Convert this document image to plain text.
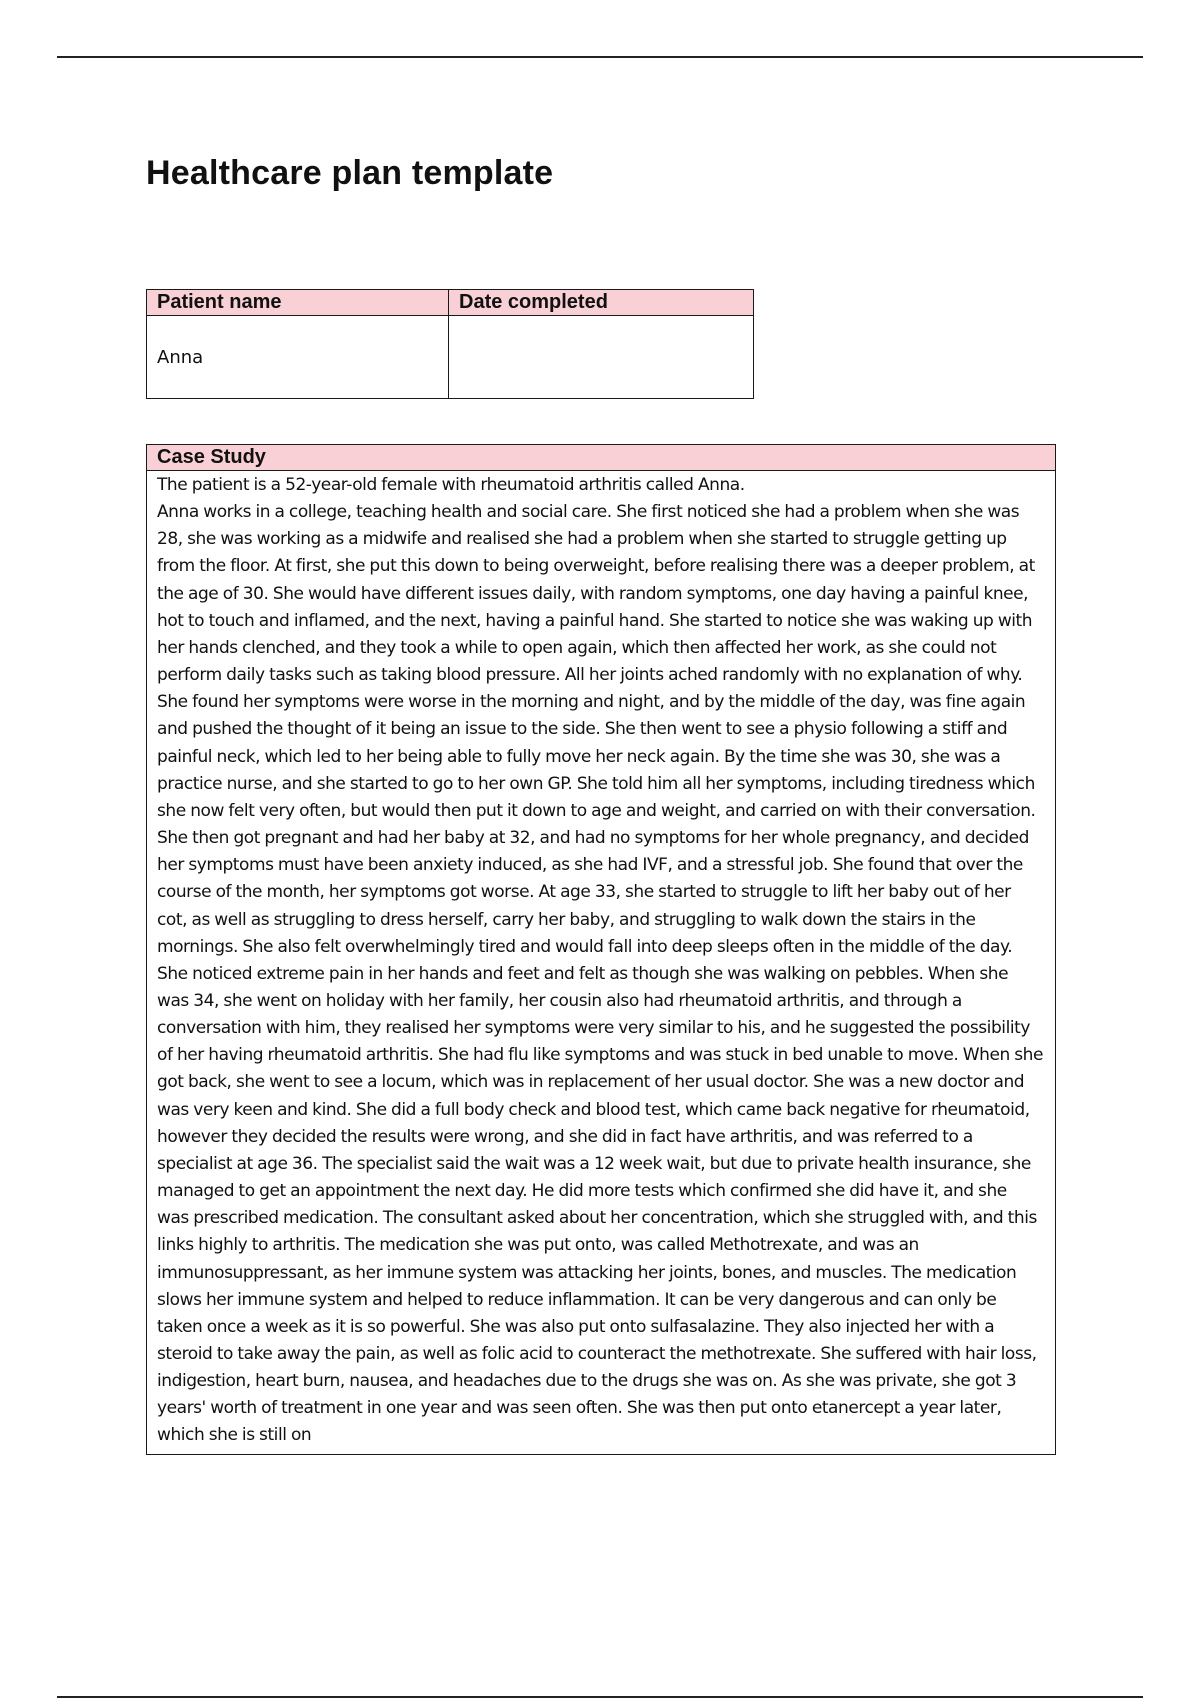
Healthcare plan template
Patient name	Date completed
Anna	
Case Study

The patient is a 52-year-old female with rheumatoid arthritis called Anna.

Anna works in a college, teaching health and social care. She first noticed she had a problem when she was 28, she was working as a midwife and realised she had a problem when she started to struggle getting up from the floor. At first, she put this down to being overweight, before realising there was a deeper problem, at the age of 30. She would have different issues daily, with random symptoms, one day having a painful knee, hot to touch and inflamed, and the next, having a painful hand. She started to notice she was waking up with her hands clenched, and they took a while to open again, which then affected her work, as she could not perform daily tasks such as taking blood pressure. All her joints ached randomly with no explanation of why. She found her symptoms were worse in the morning and night, and by the middle of the day, was fine again and pushed the thought of it being an issue to the side. She then went to see a physio following a stiff and painful neck, which led to her being able to fully move her neck again. By the time she was 30, she was a practice nurse, and she started to go to her own GP. She told him all her symptoms, including tiredness which she now felt very often, but would then put it down to age and weight, and carried on with their conversation. She then got pregnant and had her baby at 32, and had no symptoms for her whole pregnancy, and decided her symptoms must have been anxiety induced, as she had IVF, and a stressful job. She found that over the course of the month, her symptoms got worse. At age 33, she started to struggle to lift her baby out of her cot, as well as struggling to dress herself, carry her baby, and struggling to walk down the stairs in the mornings. She also felt overwhelmingly tired and would fall into deep sleeps often in the middle of the day. She noticed extreme pain in her hands and feet and felt as though she was walking on pebbles. When she was 34, she went on holiday with her family, her cousin also had rheumatoid arthritis, and through a conversation with him, they realised her symptoms were very similar to his, and he suggested the possibility of her having rheumatoid arthritis. She had flu like symptoms and was stuck in bed unable to move. When she got back, she went to see a locum, which was in replacement of her usual doctor. She was a new doctor and was very keen and kind. She did a full body check and blood test, which came back negative for rheumatoid, however they decided the results were wrong, and she did in fact have arthritis, and was referred to a specialist at age 36. The specialist said the wait was a 12 week wait, but due to private health insurance, she managed to get an appointment the next day. He did more tests which confirmed she did have it, and she was prescribed medication. The consultant asked about her concentration, which she struggled with, and this links highly to arthritis. The medication she was put onto, was called Methotrexate, and was an immunosuppressant, as her immune system was attacking her joints, bones, and muscles. The medication slows her immune system and helped to reduce inflammation. It can be very dangerous and can only be taken once a week as it is so powerful. She was also put onto sulfasalazine. They also injected her with a steroid to take away the pain, as well as folic acid to counteract the methotrexate. She suffered with hair loss, indigestion, heart burn, nausea, and headaches due to the drugs she was on. As she was private, she got 3 years' worth of treatment in one year and was seen often. She was then put onto etanercept a year later, which she is still on
